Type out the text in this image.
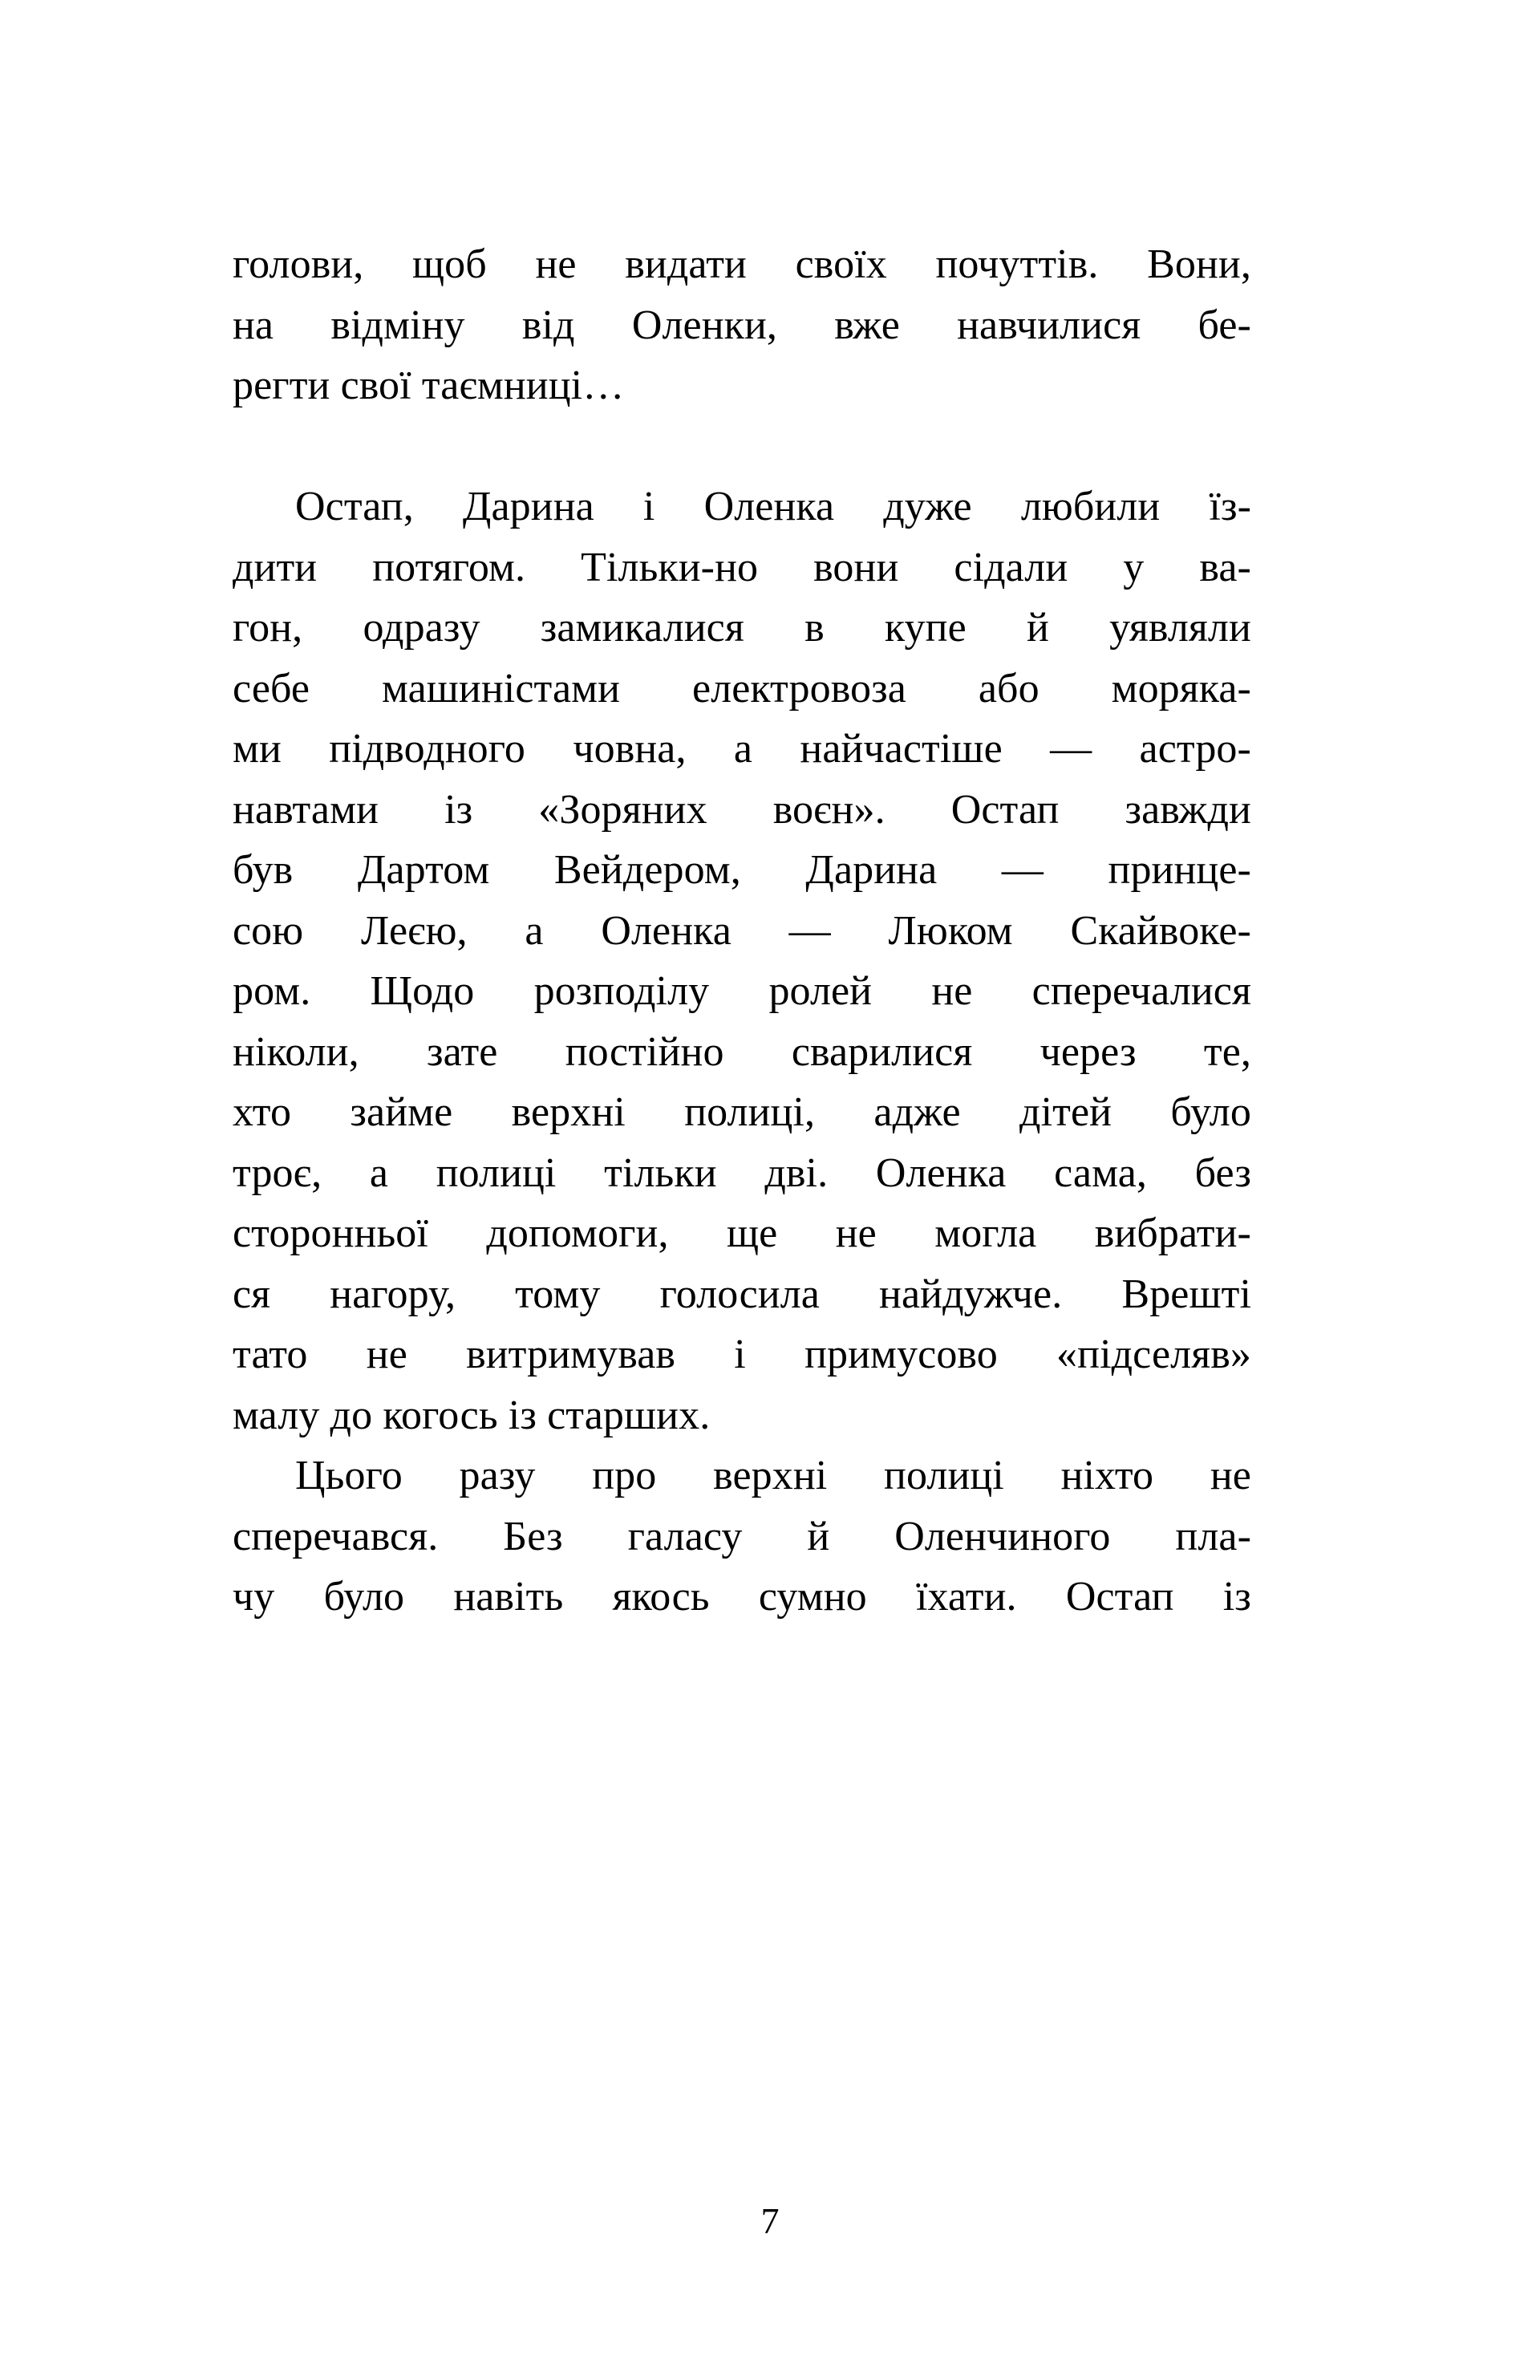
голови, щоб не видати своїх почуттів. Вони,
на відміну від Оленки, вже навчилися бе-
регти свої таємниці…
Остап, Дарина і Оленка дуже любили їз-
дити потягом. Тільки-но вони сідали у ва-
гон, одразу замикалися в купе й уявляли
себе машиністами електровоза або моряка-
ми підводного човна, а найчастіше — астро-
навтами із «Зоряних воєн». Остап завжди
був Дартом Вейдером, Дарина — принце-
сою Леєю, а Оленка — Люком Скайвоке-
ром. Щодо розподілу ролей не сперечалися
ніколи, зате постійно сварилися через те,
хто займе верхні полиці, адже дітей було
троє, а полиці тільки дві. Оленка сама, без
сторонньої допомоги, ще не могла вибрати-
ся нагору, тому голосила найдужче. Врешті
тато не витримував і примусово «підселяв»
малу до когось із старших.
Цього разу про верхні полиці ніхто не
сперечався. Без галасу й Оленчиного пла-
чу було навіть якось сумно їхати. Остап із
7
